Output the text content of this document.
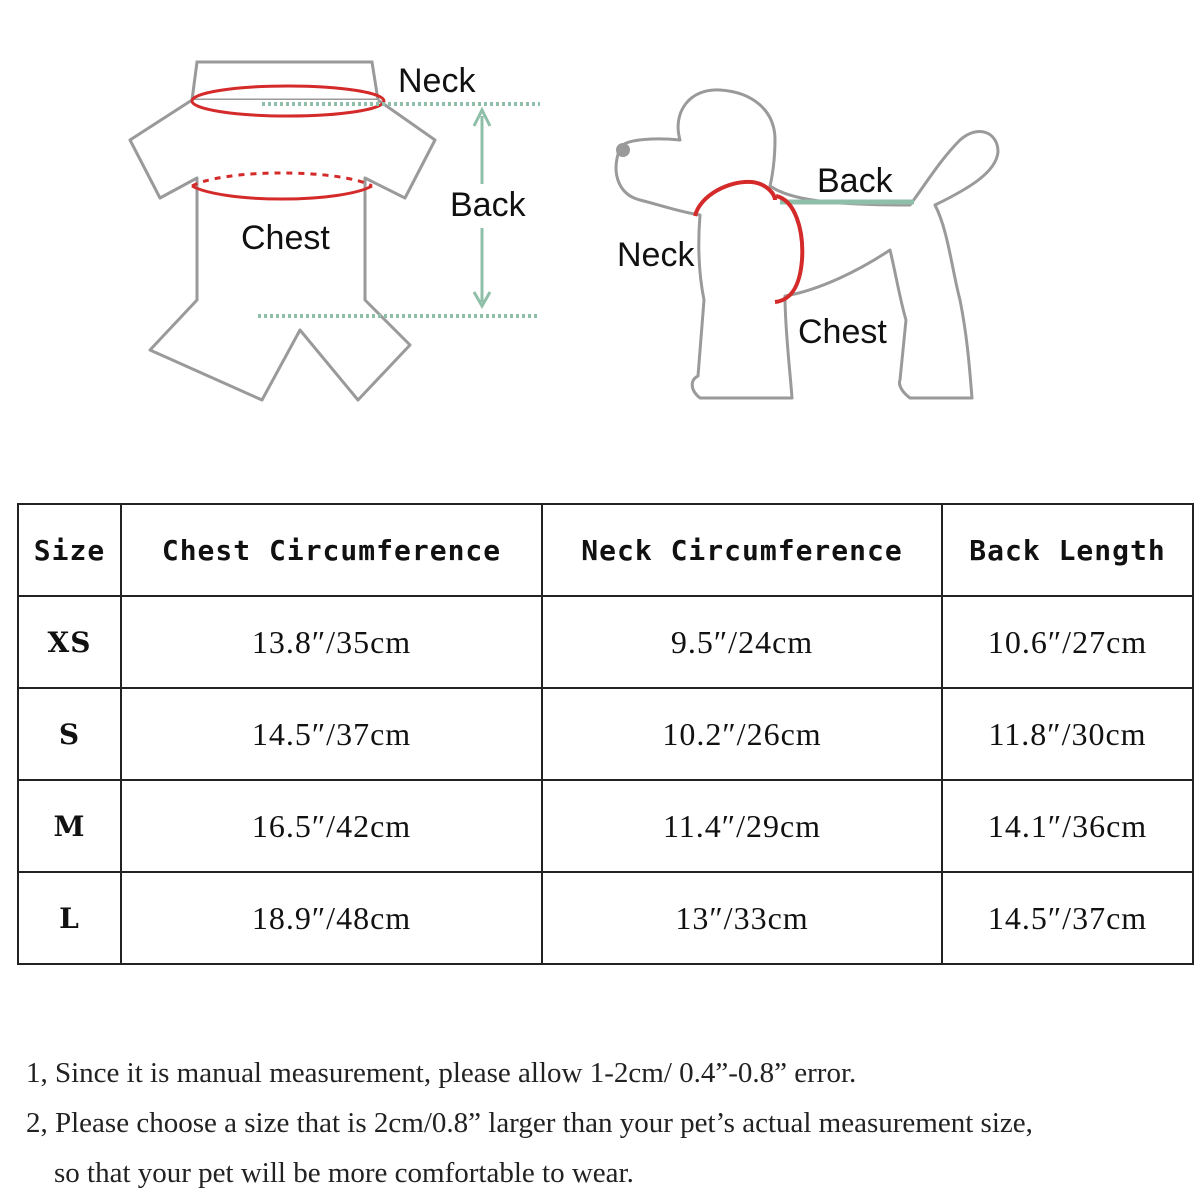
Neck
Chest
Back
Back
Neck
Chest
Size	Chest Circumference	Neck Circumference	Back Length
XS	13.8″/35cm	9.5″/24cm	10.6″/27cm
S	14.5″/37cm	10.2″/26cm	11.8″/30cm
M	16.5″/42cm	11.4″/29cm	14.1″/36cm
L	18.9″/48cm	13″/33cm	14.5″/37cm

1, Since it is manual measurement, please allow 1-2cm/ 0.4”-0.8” error.

2, Please choose a size that is 2cm/0.8” larger than your pet’s actual measurement size,

so that your pet will be more comfortable to wear.
